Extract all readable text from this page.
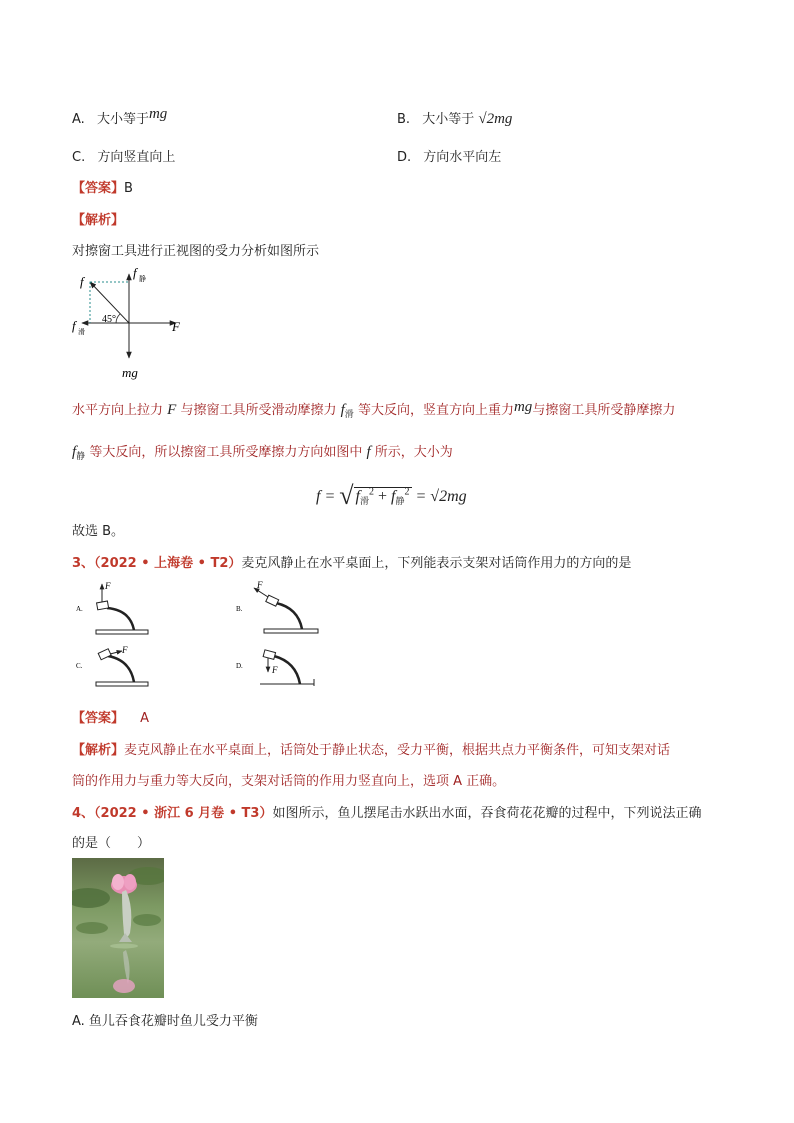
A. 大小等于mg	B. 大小等于 √2mg
C. 方向竖直向上	D. 方向水平向左
【答案】B
【解析】
对擦窗工具进行正视图的受力分析如图所示
f
f 静
F
f 滑
45°
mg
水平方向上拉力 F 与擦窗工具所受滑动摩擦力 $f_滑$ 等大反向，竖直方向上重力mg与擦窗工具所受静摩擦力
$f_静$ 等大反向，所以擦窗工具所受摩擦力方向如图中 f 所示，大小为
f = √ $f_滑^2 + f_静^2 = √2mg$
故选 B。
3、（2022 • 上海卷 • T2）麦克风静止在水平桌面上，下列能表示支架对话筒作用力的方向的是
A.
F
B.
F
C.
F
D.	F
【答案】 A
【解析】麦克风静止在水平桌面上，话筒处于静止状态，受力平衡，根据共点力平衡条件，可知支架对话
筒的作用力与重力等大反向，支架对话筒的作用力竖直向上，选项 A 正确。
4、（2022 • 浙江 6 月卷 • T3）如图所示，鱼儿摆尾击水跃出水面，吞食荷花花瓣的过程中，下列说法正确
的是（　　）
A. 鱼儿吞食花瓣时鱼儿受力平衡
